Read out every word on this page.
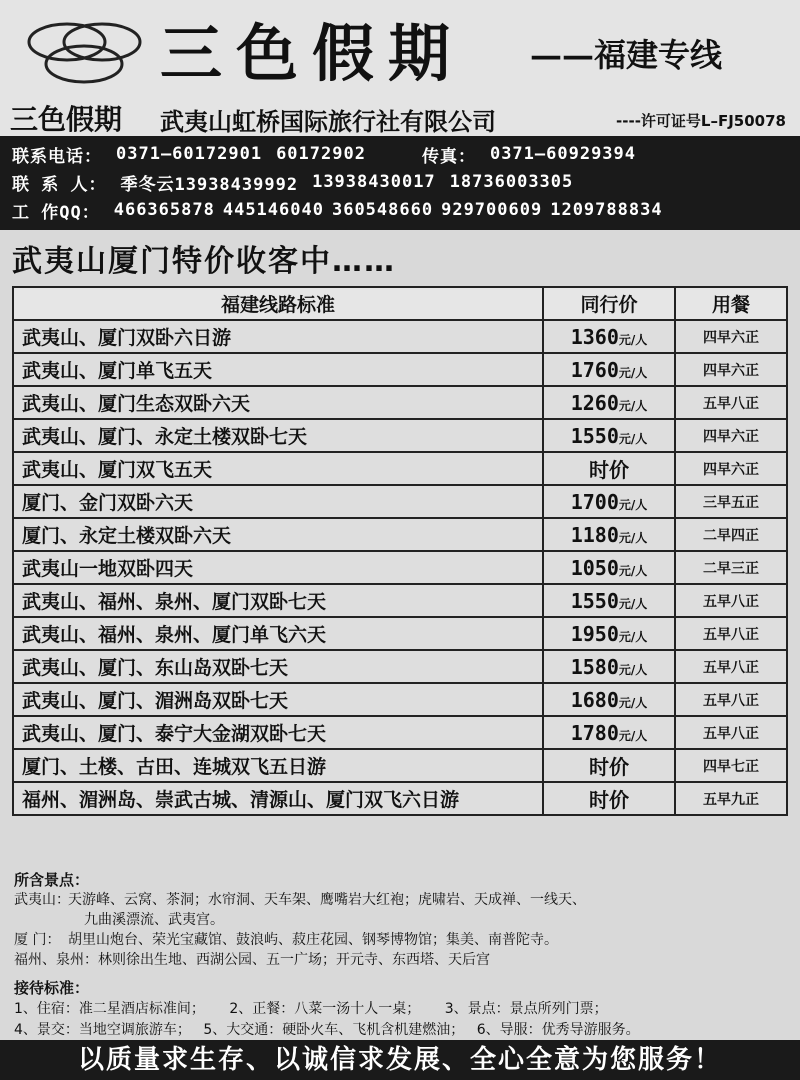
三色假期 ——福建专线
三色假期 武夷山虹桥国际旅行社有限公司	----许可证号L–FJ50078
联系电话： 0371—60172901 60172902	传真： 0371—60929394
联 系 人： 季冬云13938439992 13938430017 18736003305
工 作QQ： 466365878 445146040 360548660 929700609 1209788834
武夷山厦门特价收客中……
福建线路标准	同行价	用餐
武夷山、厦门双卧六日游	1360元/人	四早六正
武夷山、厦门单飞五天	1760元/人	四早六正
武夷山、厦门生态双卧六天	1260元/人	五早八正
武夷山、厦门、永定土楼双卧七天	1550元/人	四早六正
武夷山、厦门双飞五天	时价	四早六正
厦门、金门双卧六天	1700元/人	三早五正
厦门、永定土楼双卧六天	1180元/人	二早四正
武夷山一地双卧四天	1050元/人	二早三正
武夷山、福州、泉州、厦门双卧七天	1550元/人	五早八正
武夷山、福州、泉州、厦门单飞六天	1950元/人	五早八正
武夷山、厦门、东山岛双卧七天	1580元/人	五早八正
武夷山、厦门、湄洲岛双卧七天	1680元/人	五早八正
武夷山、厦门、泰宁大金湖双卧七天	1780元/人	五早八正
厦门、土楼、古田、连城双飞五日游	时价	四早七正
福州、湄洲岛、崇武古城、清源山、厦门双飞六日游	时价	五早九正
所含景点：
武夷山：天游峰、云窝、茶洞；水帘洞、天车架、鹰嘴岩大红袍；虎啸岩、天成禅、一线天、
九曲溪漂流、武夷宫。
厦 门： 胡里山炮台、荣光宝藏馆、鼓浪屿、菽庄花园、钢琴博物馆；集美、南普陀寺。
福州、泉州：林则徐出生地、西湖公园、五一广场；开元寺、东西塔、天后宫
接待标准：
1、住宿：准二星酒店标准间； 2、正餐：八菜一汤十人一桌； 3、景点：景点所列门票；
4、景交：当地空调旅游车； 5、大交通：硬卧火车、飞机含机建燃油； 6、导服：优秀导游服务。
以质量求生存、以诚信求发展、全心全意为您服务！
